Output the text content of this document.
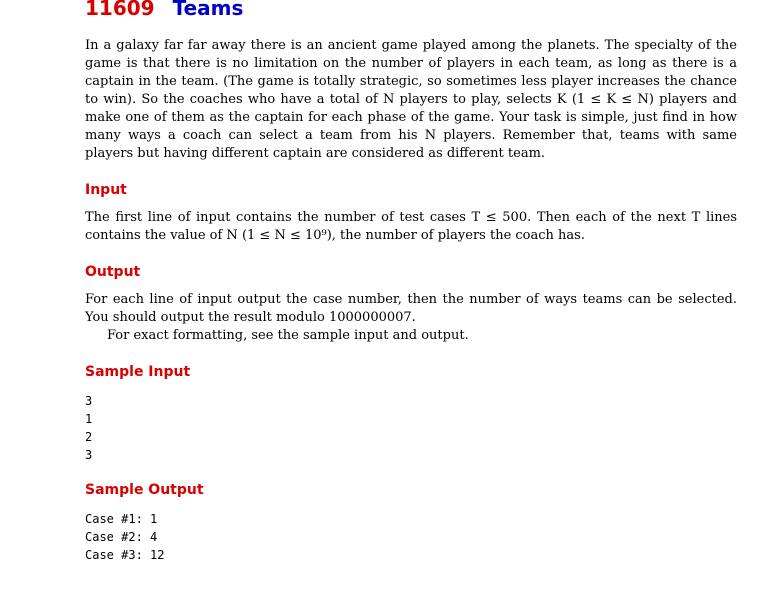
11609 Teams

In a galaxy far far away there is an ancient game played among the planets. The specialty of the game is that there is no limitation on the number of players in each team, as long as there is a captain in the team. (The game is totally strategic, so sometimes less player increases the chance to win). So the coaches who have a total of N players to play, selects K (1 ≤ K ≤ N) players and make one of them as the captain for each phase of the game. Your task is simple, just find in how many ways a coach can select a team from his N players. Remember that, teams with same players but having different captain are considered as different team.

Input

The first line of input contains the number of test cases T ≤ 500. Then each of the next T lines contains the value of N (1 ≤ N ≤ 10⁹), the number of players the coach has.

Output

For each line of input output the case number, then the number of ways teams can be selected. You should output the result modulo 1000000007.

For exact formatting, see the sample input and output.

Sample Input
3
1
2
3
Sample Output
Case #1: 1
Case #2: 4
Case #3: 12
